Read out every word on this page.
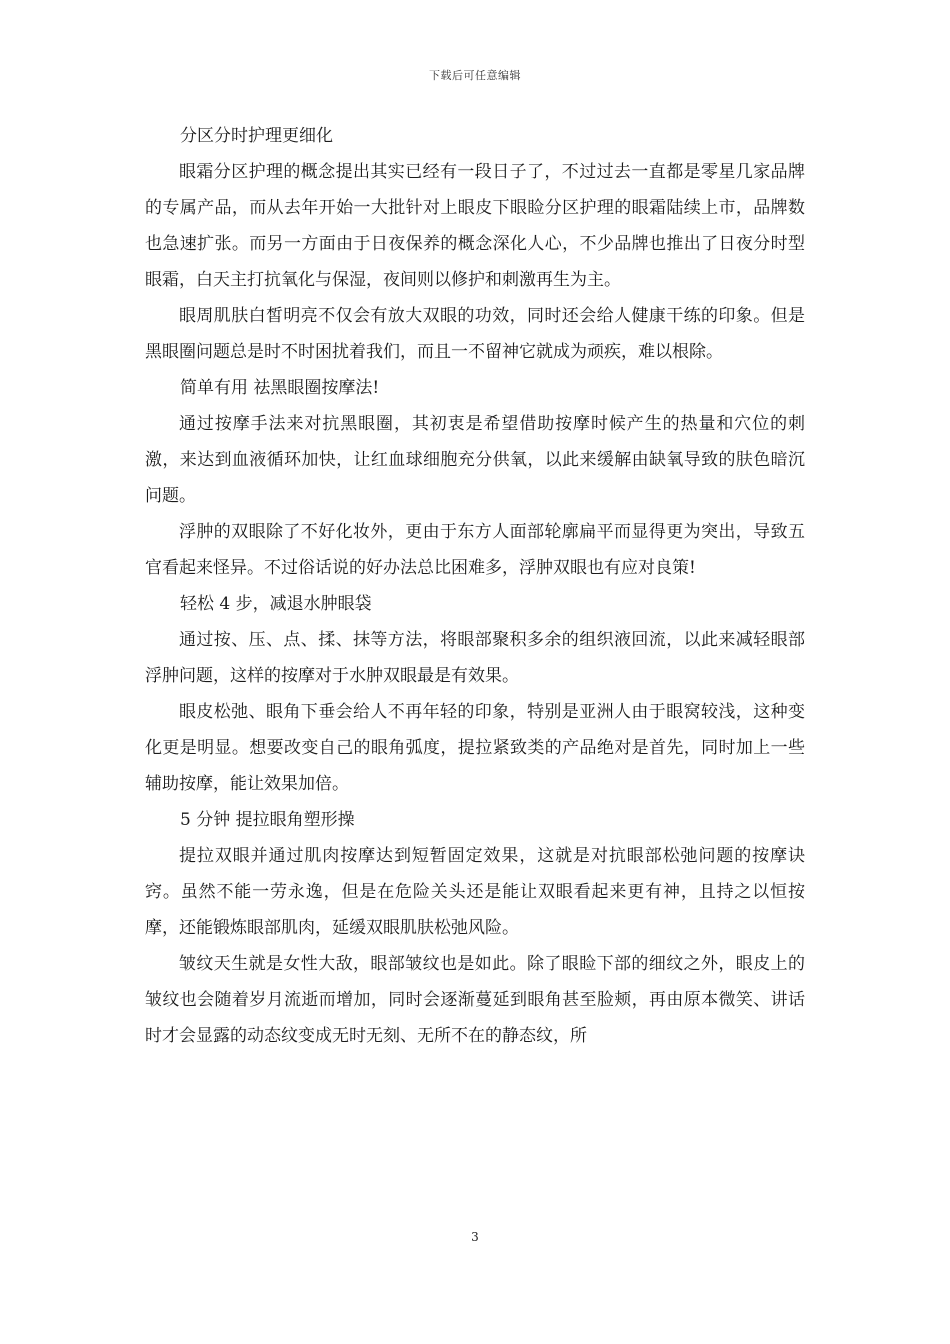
下载后可任意编辑
分区分时护理更细化

眼霜分区护理的概念提出其实已经有一段日子了，不过过去一直都是零星几家品牌的专属产品，而从去年开始一大批针对上眼皮下眼睑分区护理的眼霜陆续上市，品牌数也急速扩张。而另一方面由于日夜保养的概念深化人心，不少品牌也推出了日夜分时型眼霜，白天主打抗氧化与保湿，夜间则以修护和刺激再生为主。

眼周肌肤白皙明亮不仅会有放大双眼的功效，同时还会给人健康干练的印象。但是黑眼圈问题总是时不时困扰着我们，而且一不留神它就成为顽疾，难以根除。

简单有用 祛黑眼圈按摩法!

通过按摩手法来对抗黑眼圈，其初衷是希望借助按摩时候产生的热量和穴位的刺激，来达到血液循环加快，让红血球细胞充分供氧，以此来缓解由缺氧导致的肤色暗沉问题。

浮肿的双眼除了不好化妆外，更由于东方人面部轮廓扁平而显得更为突出，导致五官看起来怪异。不过俗话说的好办法总比困难多，浮肿双眼也有应对良策!

轻松 4 步，减退水肿眼袋

通过按、压、点、揉、抹等方法，将眼部聚积多余的组织液回流，以此来减轻眼部浮肿问题，这样的按摩对于水肿双眼最是有效果。

眼皮松弛、眼角下垂会给人不再年轻的印象，特别是亚洲人由于眼窝较浅，这种变化更是明显。想要改变自己的眼角弧度，提拉紧致类的产品绝对是首先，同时加上一些辅助按摩，能让效果加倍。

5 分钟 提拉眼角塑形操

提拉双眼并通过肌肉按摩达到短暂固定效果，这就是对抗眼部松弛问题的按摩诀窍。虽然不能一劳永逸，但是在危险关头还是能让双眼看起来更有神，且持之以恒按摩，还能锻炼眼部肌肉，延缓双眼肌肤松弛风险。

皱纹天生就是女性大敌，眼部皱纹也是如此。除了眼睑下部的细纹之外，眼皮上的皱纹也会随着岁月流逝而增加，同时会逐渐蔓延到眼角甚至脸颊，再由原本微笑、讲话时才会显露的动态纹变成无时无刻、无所不在的静态纹，所

3
